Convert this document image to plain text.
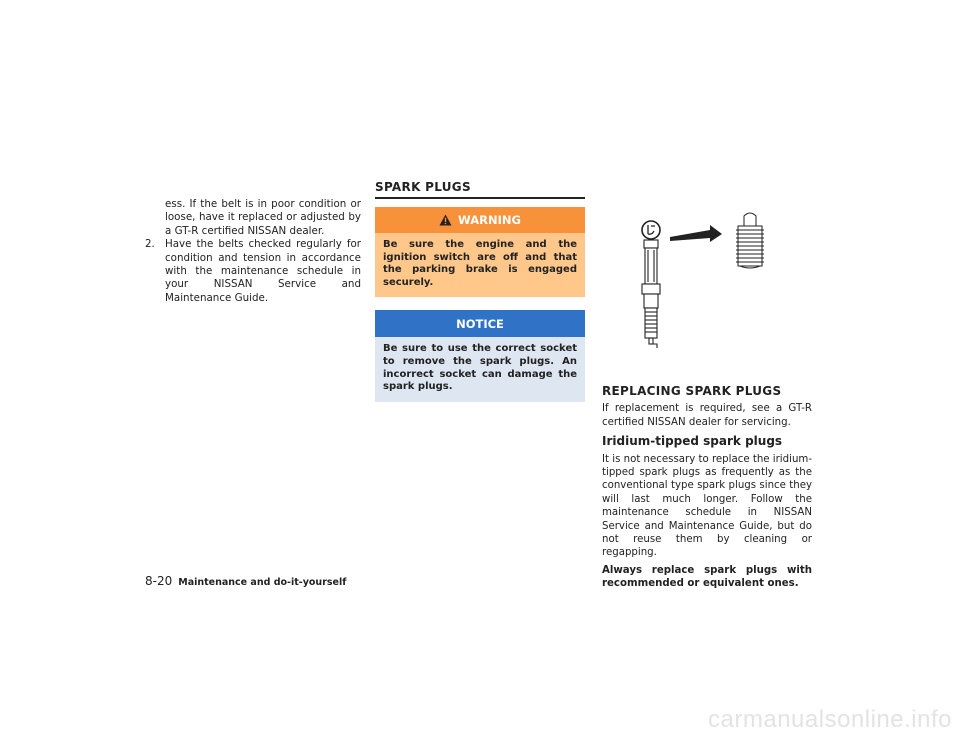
ess. If the belt is in poor condition or loose, have it replaced or adjusted by a GT-R certified NISSAN dealer.

2. Have the belts checked regularly for condition and tension in accordance with the maintenance schedule in your NISSAN Service and Maintenance Guide.
SPARK PLUGS
WARNING
Be sure the engine and the ignition switch are off and that the parking brake is engaged securely.
NOTICE
Be sure to use the correct socket to remove the spark plugs. An incorrect socket can damage the spark plugs.	REPLACING SPARK PLUGS

If replacement is required, see a GT-R certified NISSAN dealer for servicing.

Iridium-tipped spark plugs

It is not necessary to replace the iridium-tipped spark plugs as frequently as the conventional type spark plugs since they will last much longer. Follow the maintenance schedule in NISSAN Service and Maintenance Guide, but do not reuse them by cleaning or regapping.

Always replace spark plugs with recommended or equivalent ones.

8-20 Maintenance and do-it-yourself
carmanualsonline.info
